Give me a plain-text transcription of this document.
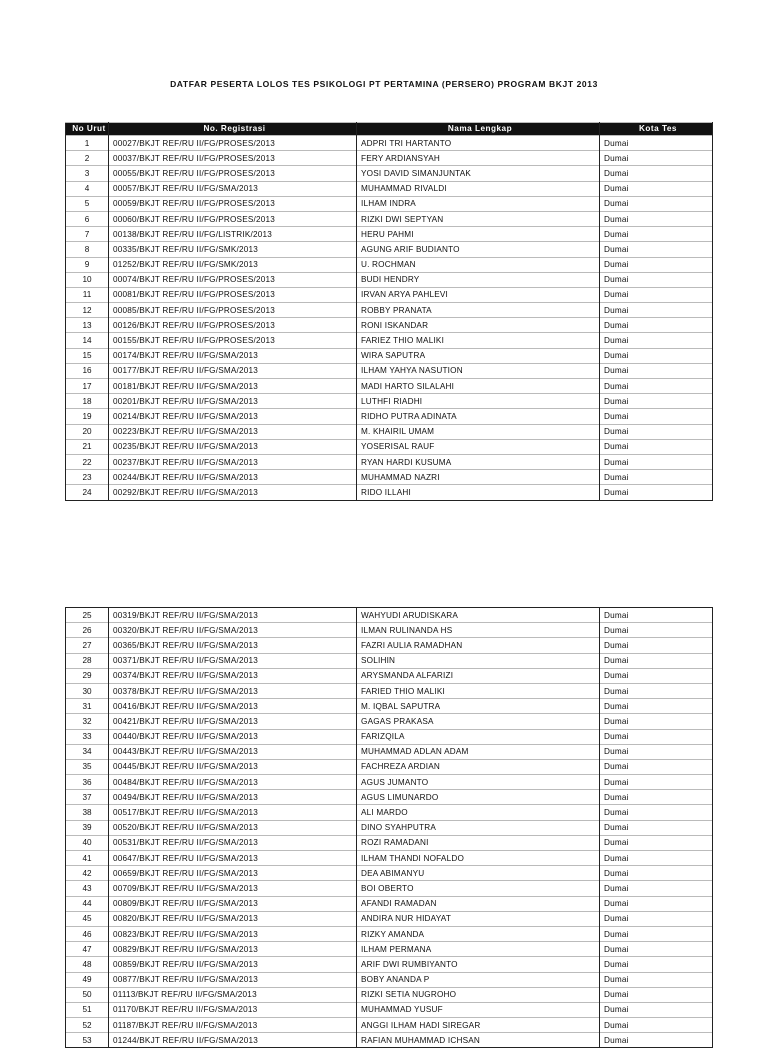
DATFAR PESERTA LOLOS TES PSIKOLOGI PT PERTAMINA (PERSERO) PROGRAM BKJT 2013
No Urut	No. Registrasi	Nama Lengkap	Kota Tes
1	00027/BKJT REF/RU II/FG/PROSES/2013	ADPRI TRI HARTANTO	Dumai
2	00037/BKJT REF/RU II/FG/PROSES/2013	FERY ARDIANSYAH	Dumai
3	00055/BKJT REF/RU II/FG/PROSES/2013	YOSI DAVID SIMANJUNTAK	Dumai
4	00057/BKJT REF/RU II/FG/SMA/2013	MUHAMMAD RIVALDI	Dumai
5	00059/BKJT REF/RU II/FG/PROSES/2013	ILHAM INDRA	Dumai
6	00060/BKJT REF/RU II/FG/PROSES/2013	RIZKI DWI SEPTYAN	Dumai
7	00138/BKJT REF/RU II/FG/LISTRIK/2013	HERU PAHMI	Dumai
8	00335/BKJT REF/RU II/FG/SMK/2013	AGUNG ARIF BUDIANTO	Dumai
9	01252/BKJT REF/RU II/FG/SMK/2013	U. ROCHMAN	Dumai
10	00074/BKJT REF/RU II/FG/PROSES/2013	BUDI HENDRY	Dumai
11	00081/BKJT REF/RU II/FG/PROSES/2013	IRVAN ARYA PAHLEVI	Dumai
12	00085/BKJT REF/RU II/FG/PROSES/2013	ROBBY PRANATA	Dumai
13	00126/BKJT REF/RU II/FG/PROSES/2013	RONI ISKANDAR	Dumai
14	00155/BKJT REF/RU II/FG/PROSES/2013	FARIEZ THIO MALIKI	Dumai
15	00174/BKJT REF/RU II/FG/SMA/2013	WIRA SAPUTRA	Dumai
16	00177/BKJT REF/RU II/FG/SMA/2013	ILHAM YAHYA NASUTION	Dumai
17	00181/BKJT REF/RU II/FG/SMA/2013	MADI HARTO SILALAHI	Dumai
18	00201/BKJT REF/RU II/FG/SMA/2013	LUTHFI RIADHI	Dumai
19	00214/BKJT REF/RU II/FG/SMA/2013	RIDHO PUTRA ADINATA	Dumai
20	00223/BKJT REF/RU II/FG/SMA/2013	M. KHAIRIL UMAM	Dumai
21	00235/BKJT REF/RU II/FG/SMA/2013	YOSERISAL RAUF	Dumai
22	00237/BKJT REF/RU II/FG/SMA/2013	RYAN HARDI KUSUMA	Dumai
23	00244/BKJT REF/RU II/FG/SMA/2013	MUHAMMAD NAZRI	Dumai
24	00292/BKJT REF/RU II/FG/SMA/2013	RIDO ILLAHI	Dumai
25	00319/BKJT REF/RU II/FG/SMA/2013	WAHYUDI ARUDISKARA	Dumai
26	00320/BKJT REF/RU II/FG/SMA/2013	ILMAN RULINANDA HS	Dumai
27	00365/BKJT REF/RU II/FG/SMA/2013	FAZRI AULIA RAMADHAN	Dumai
28	00371/BKJT REF/RU II/FG/SMA/2013	SOLIHIN	Dumai
29	00374/BKJT REF/RU II/FG/SMA/2013	ARYSMANDA ALFARIZI	Dumai
30	00378/BKJT REF/RU II/FG/SMA/2013	FARIED THIO MALIKI	Dumai
31	00416/BKJT REF/RU II/FG/SMA/2013	M. IQBAL SAPUTRA	Dumai
32	00421/BKJT REF/RU II/FG/SMA/2013	GAGAS PRAKASA	Dumai
33	00440/BKJT REF/RU II/FG/SMA/2013	FARIZQILA	Dumai
34	00443/BKJT REF/RU II/FG/SMA/2013	MUHAMMAD ADLAN ADAM	Dumai
35	00445/BKJT REF/RU II/FG/SMA/2013	FACHREZA ARDIAN	Dumai
36	00484/BKJT REF/RU II/FG/SMA/2013	AGUS JUMANTO	Dumai
37	00494/BKJT REF/RU II/FG/SMA/2013	AGUS LIMUNARDO	Dumai
38	00517/BKJT REF/RU II/FG/SMA/2013	ALI MARDO	Dumai
39	00520/BKJT REF/RU II/FG/SMA/2013	DINO SYAHPUTRA	Dumai
40	00531/BKJT REF/RU II/FG/SMA/2013	ROZI RAMADANI	Dumai
41	00647/BKJT REF/RU II/FG/SMA/2013	ILHAM THANDI NOFALDO	Dumai
42	00659/BKJT REF/RU II/FG/SMA/2013	DEA ABIMANYU	Dumai
43	00709/BKJT REF/RU II/FG/SMA/2013	BOI OBERTO	Dumai
44	00809/BKJT REF/RU II/FG/SMA/2013	AFANDI RAMADAN	Dumai
45	00820/BKJT REF/RU II/FG/SMA/2013	ANDIRA NUR HIDAYAT	Dumai
46	00823/BKJT REF/RU II/FG/SMA/2013	RIZKY AMANDA	Dumai
47	00829/BKJT REF/RU II/FG/SMA/2013	ILHAM PERMANA	Dumai
48	00859/BKJT REF/RU II/FG/SMA/2013	ARIF DWI RUMBIYANTO	Dumai
49	00877/BKJT REF/RU II/FG/SMA/2013	BOBY ANANDA P	Dumai
50	01113/BKJT REF/RU II/FG/SMA/2013	RIZKI SETIA NUGROHO	Dumai
51	01170/BKJT REF/RU II/FG/SMA/2013	MUHAMMAD YUSUF	Dumai
52	01187/BKJT REF/RU II/FG/SMA/2013	ANGGI ILHAM HADI SIREGAR	Dumai
53	01244/BKJT REF/RU II/FG/SMA/2013	RAFIAN MUHAMMAD ICHSAN	Dumai
